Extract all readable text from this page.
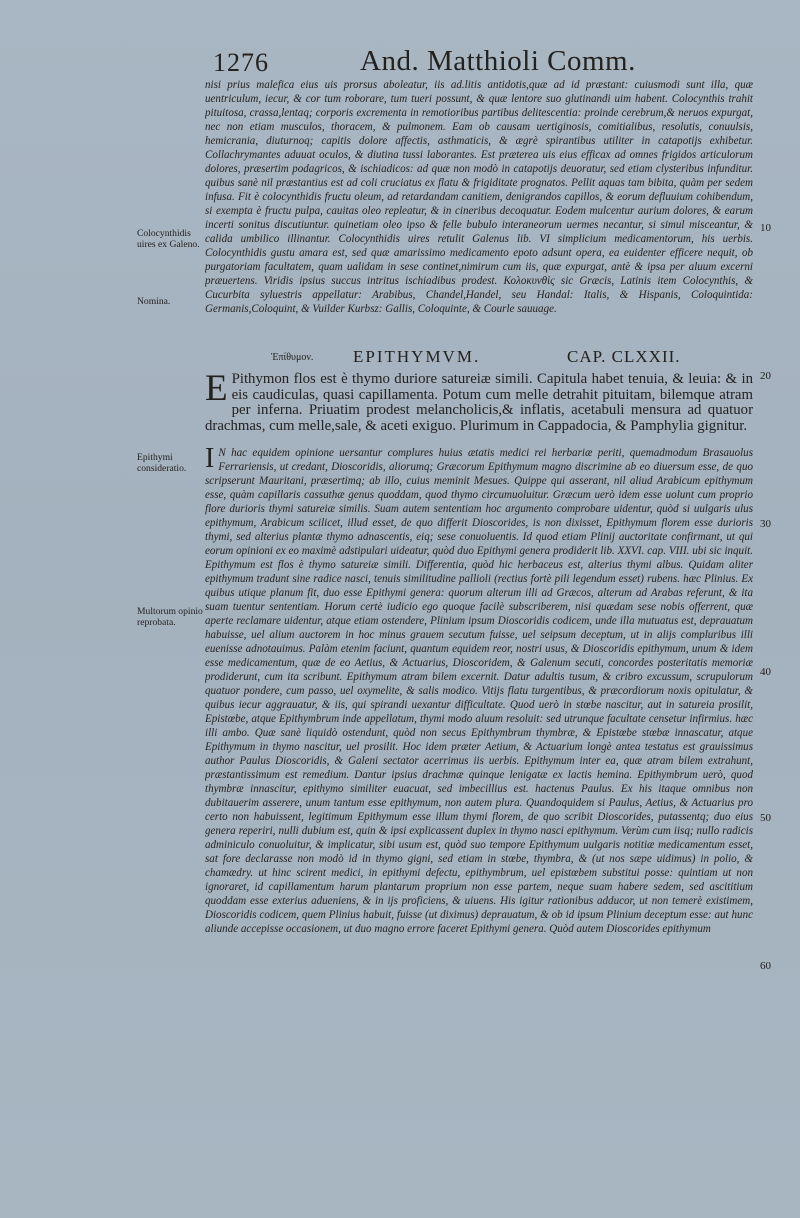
1276	And. Matthioli Comm.

nisi prius malefica eius uis prorsus aboleatur, iis ad.litis antidotis,quæ ad id præstant: cuiusmodi sunt illa, quæ uentriculum, iecur, & cor tum roborare, tum tueri possunt, & quæ lentore suo glutinandi uim habent. Colocynthis trahit pituitosa, crassa,lentaq; corporis excrementa in remotioribus partibus delitescentia: proinde cerebrum,& neruos expurgat, nec non etiam musculos, thoracem, & pulmonem. Eam ob causam uertiginosis, comitialibus, resolutis, conuulsis, hemicrania, diuturnoq; capitis dolore affectis, asthmaticis, & ægrè spirantibus utiliter in catapotijs exhibetur. Collachrymantes aduuat oculos, & diutina tussi laborantes. Est præterea uis eius efficax ad omnes frigidos articulorum dolores, præsertim podagricos, & ischiadicos: ad quæ non modò in catapotijs deuoratur, sed etiam clysteribus infunditur. quibus sanè nil præstantius est ad coli cruciatus ex flatu & frigiditate prognatos. Pellit aquas tam bibita, quàm per sedem infusa. Fit è colocynthidis fructu oleum, ad retardandam canitiem, denigrandos capillos, & eorum defluuium cohibendum, si exempta è fructu pulpa, cauitas oleo repleatur, & in cineribus decoquatur. Eodem mulcentur aurium dolores, & earum incerti sonitus discutiuntur. quinetiam oleo ipso & felle bubulo interaneorum uermes necantur, si simul misceantur, & calida umbilico illinantur. Colocynthidis uires retulit Galenus lib. VI simplicium medicamentorum, his uerbis. Colocynthidis gustu amara est, sed quæ amarissimo medicamento epoto adsunt opera, ea euidenter efficere nequit, ob purgatoriam facultatem, quam ualidam in sese continet,nimirum cum iis, quæ expurgat, antè & ipsa per aluum excerni præuertens. Viridis ipsius succus intritus ischiadibus prodest. Κολοκυνθὶς sic Græcis, Latinis item Colocynthis, & Cucurbita syluestris appellatur: Arabibus, Chandel,Handel, seu Handal: Italis, & Hispanis, Coloquintida: Germanis,Coloquint, & Vuilder Kurbsz: Gallis, Coloquinte, & Courle sauuage.

Ἐπίθυμον. EPITHYMVM.	CAP. CLXXII.
E Pithymon flos est è thymo duriore satureiæ simili. Capitula habet tenuia, & leuia: & in eis caudiculas, quasi capillamenta. Potum cum melle detrahit pituitam, bilemque atram per inferna. Priuatim prodest melancholicis,& inflatis, acetabuli mensura ad quatuor drachmas, cum melle,sale, & aceti exiguo. Plurimum in Cappadocia, & Pamphylia gignitur.
I N hac equidem opinione uersantur complures huius ætatis medici rei herbariæ periti, quemadmodum Brasauolus Ferrariensis, ut credant, Dioscoridis, aliorumq; Græcorum Epithymum magno discrimine ab eo diuersum esse, de quo scripserunt Mauritani, præsertimq; ab illo, cuius meminit Mesues. Quippe qui asserant, nil aliud Arabicum epithymum esse, quàm capillaris cassuthæ genus quoddam, quod thymo circumuoluitur. Græcum uerò idem esse uolunt cum proprio flore durioris thymi satureiæ similis. Suam autem sententiam hoc argumento comprobare uidentur, quòd si uulgaris ulus epithymum, Arabicum scilicet, illud esset, de quo differit Dioscorides, is non dixisset, Epithymum florem esse durioris thymi, sed alterius plantæ thymo adnascentis, eiq; sese conuoluentis. Id quod etiam Plinij auctoritate confirmant, ut qui eorum opinioni ex eo maximè adstipulari uideatur, quòd duo Epithymi genera prodiderit lib. XXVI. cap. VIII. ubi sic inquit. Epithymum est flos è thymo satureiæ simili. Differentia, quòd hic herbaceus est, alterius thymi albus. Quidam aliter epithymum tradunt sine radice nasci, tenuis similitudine pallioli (rectius fortè pili legendum esset) rubens. hæc Plinius. Ex quibus utique planum fit, duo esse Epithymi genera: quorum alterum illi ad Græcos, alterum ad Arabas referunt, & ita suam tuentur sententiam. Horum certè iudicio ego quoque facilè subscriberem, nisi quædam sese nobis offerrent, quæ aperte reclamare uidentur, atque etiam ostendere, Plinium ipsum Dioscoridis codicem, unde illa mutuatus est, deprauatum habuisse, uel alium auctorem in hoc minus grauem secutum fuisse, uel seipsum deceptum, ut in alijs compluribus illi euenisse adnotauimus. Palàm etenim faciunt, quantum equidem reor, nostri usus, & Dioscoridis epithymum, unum & idem esse medicamentum, quæ de eo Aetius, & Actuarius, Dioscoridem, & Galenum secuti, concordes posteritatis memoriæ prodiderunt, cum ita scribunt. Epithymum atram bilem excernit. Datur adultis tusum, & cribro excussum, scrupulorum quatuor pondere, cum passo, uel oxymelite, & salis modico. Vitijs flatu turgentibus, & præcordiorum noxis opitulatur, & quibus iecur aggrauatur, & iis, qui spirandi uexantur difficultate. Quod uerò in stœbe nascitur, aut in satureia prosilit, Epistœbe, atque Epithymbrum inde appellatum, thymi modo aluum resoluit: sed utrunque facultate censetur infirmius. hæc illi ambo. Quæ sanè liquidò ostendunt, quòd non secus Epithymbrum thymbræ, & Epistœbe stœbæ innascatur, atque Epithymum in thymo nascitur, uel prosilit. Hoc idem præter Aetium, & Actuarium longè antea testatus est grauissimus author Paulus Dioscoridis, & Galeni sectator acerrimus iis uerbis. Epithymum inter ea, quæ atram bilem extrahunt, præstantissimum est remedium. Dantur ipsius drachmæ quinque lenigatæ ex lactis hemina. Epithymbrum uerò, quod thymbræ innascitur, epithymo similiter euacuat, sed imbecillius est. hactenus Paulus. Ex his itaque omnibus non dubitauerim asserere, unum tantum esse epithymum, non autem plura. Quandoquidem si Paulus, Aetius, & Actuarius pro certo non habuissent, legitimum Epithymum esse illum thymi florem, de quo scribit Dioscorides, putassentq; duo eius genera reperiri, nulli dubium est, quin & ipsi explicassent duplex in thymo nasci epithymum. Verùm cum iisq; nullo radicis adminiculo conuoluitur, & implicatur, sibi usum est, quòd suo tempore Epithymum uulgaris notitiæ medicamentum esset, sat fore declarasse non modò id in thymo gigni, sed etiam in stœbe, thymbra, & (ut nos sæpe uidimus) in polio, & chamædry. ut hinc scirent medici, in epithymi defectu, epithymbrum, uel epistœbem substitui posse: quintiam ut non ignoraret, id capillamentum harum plantarum proprium non esse partem, neque suam habere sedem, sed ascititium quoddam esse exterius adueniens, & in ijs proficiens, & uiuens. His igitur rationibus adducor, ut non temerè existimem, Dioscoridis codicem, quem Plinius habuit, fuisse (ut diximus) deprauatum, & ob id ipsum Plinium deceptum esse: aut hunc aliunde accepisse occasionem, ut duo magno errore faceret Epithymi genera. Quòd autem Dioscorides epithymum
Colocynthidis uires ex Galeno.
Nomina.
Epithymi consideratio.
Multorum opinio reprobata.
10
20
30
40
50
60
